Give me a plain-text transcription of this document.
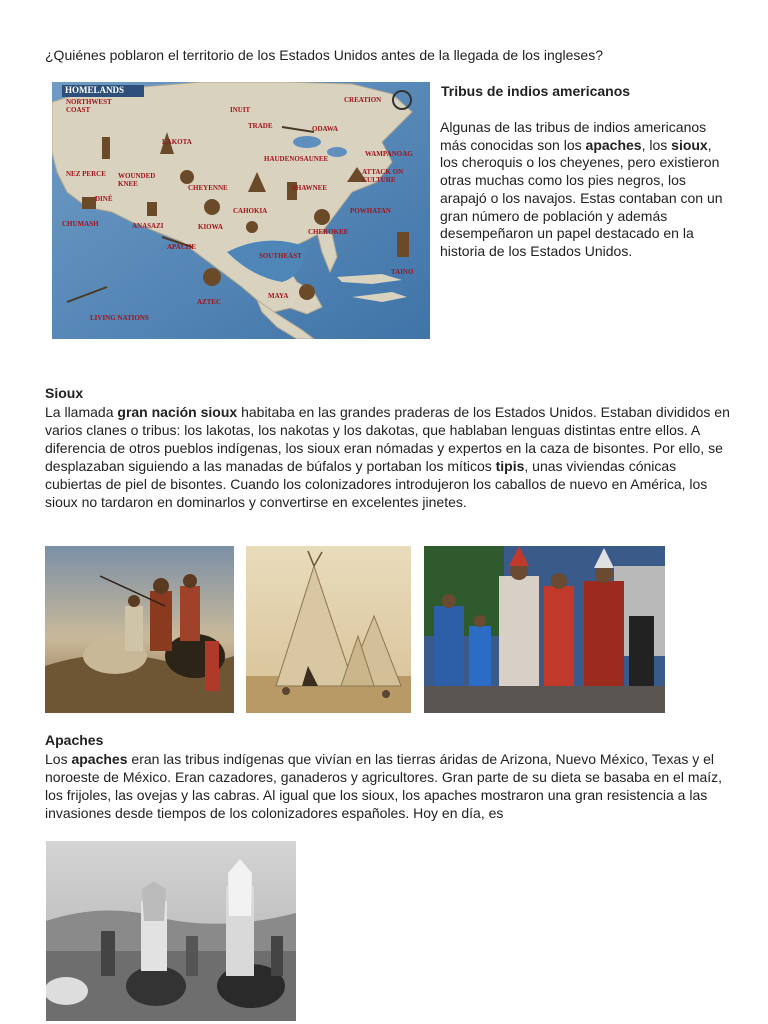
¿Quiénes poblaron el territorio de los Estados Unidos antes de la llegada de los ingleses?
HOMELANDS
NORTHWEST COAST	INUIT
CREATION
TRADE	ODAWA
LAKOTA
HAUDENOSAUNEE
WAMPANOAG
NEZ PERCE WOUNDED KNEE	CHEYENNE	SHAWNEE
ATTACK ON CULTURE
DINÉ
CAHOKIA	POWHATAN
CHUMASH	ANASAZI	KIOWA
CHEROKEE
APACHE
SOUTHEAST
TAINO
AZTEC
MAYA
LIVING NATIONS
Tribus de indios americanos
Algunas de las tribus de indios americanos más conocidas son los apaches, los sioux, los cheroquis o los cheyenes, pero existieron otras muchas como los pies negros, los arapajó o los navajos. Estas contaban con un gran número de población y además desempeñaron un papel destacado en la historia de los Estados Unidos.
Sioux
La llamada gran nación sioux habitaba en las grandes praderas de los Estados Unidos. Estaban divididos en varios clanes o tribus: los lakotas, los nakotas y los dakotas, que hablaban lenguas distintas entre ellos. A diferencia de otros pueblos indígenas, los sioux eran nómadas y expertos en la caza de bisontes. Por ello, se desplazaban siguiendo a las manadas de búfalos y portaban los míticos tipis, unas viviendas cónicas cubiertas de piel de bisontes. Cuando los colonizadores introdujeron los caballos de nuevo en América, los sioux no tardaron en dominarlos y convertirse en excelentes jinetes.
Apaches
Los apaches eran las tribus indígenas que vivían en las tierras áridas de Arizona, Nuevo México, Texas y el noroeste de México. Eran cazadores, ganaderos y agricultores. Gran parte de su dieta se basaba en el maíz, los frijoles, las ovejas y las cabras. Al igual que los sioux, los apaches mostraron una gran resistencia a las invasiones desde tiempos de los colonizadores españoles. Hoy en día, es
